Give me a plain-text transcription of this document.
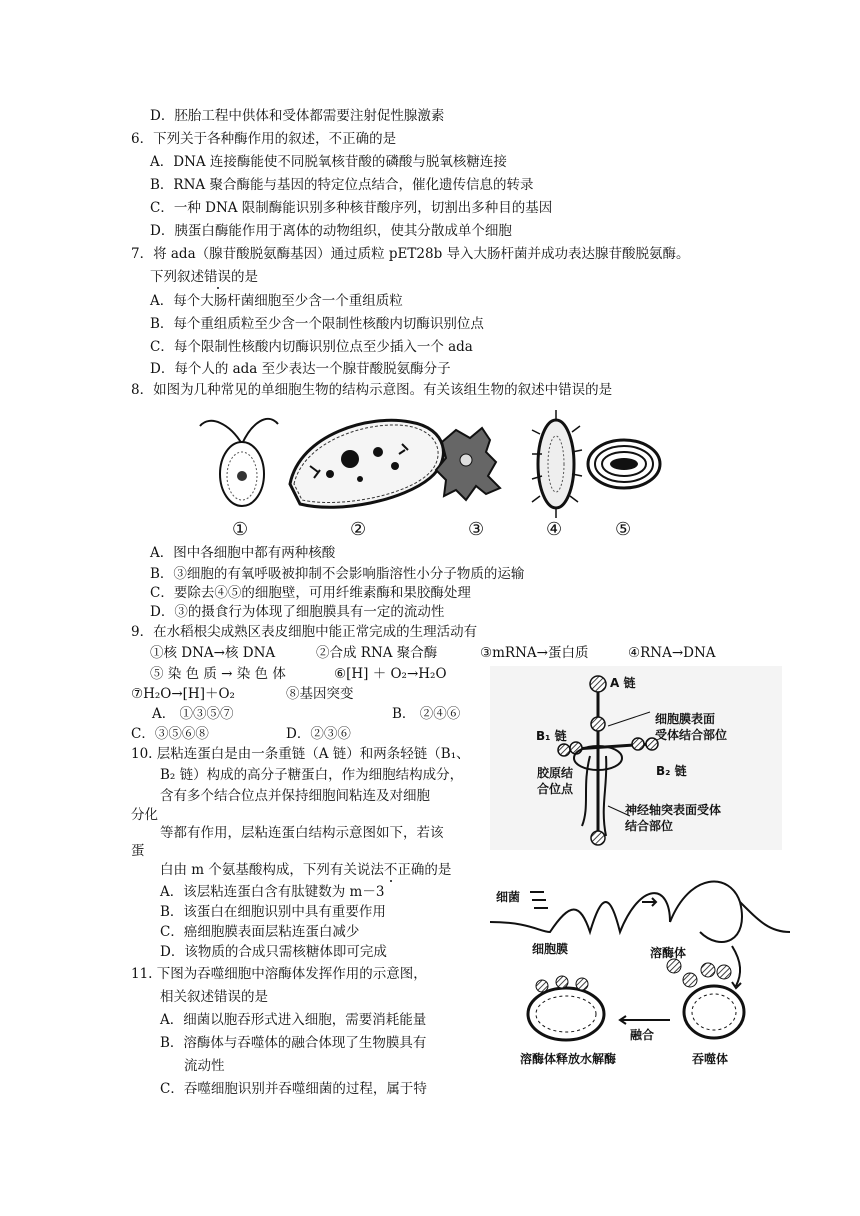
D．胚胎工程中供体和受体都需要注射促性腺激素
6．下列关于各种酶作用的叙述，不正确的是
A．DNA 连接酶能使不同脱氧核苷酸的磷酸与脱氧核糖连接
B．RNA 聚合酶能与基因的特定位点结合，催化遗传信息的转录
C．一种 DNA 限制酶能识别多种核苷酸序列，切割出多种目的基因
D．胰蛋白酶能作用于离体的动物组织，使其分散成单个细胞
7．将 ada（腺苷酸脱氨酶基因）通过质粒 pET28b 导入大肠杆菌并成功表达腺苷酸脱氨酶。
下列叙述错误的是
A．每个大肠杆菌细胞至少含一个重组质粒
B．每个重组质粒至少含一个限制性核酸内切酶识别位点
C．每个限制性核酸内切酶识别位点至少插入一个 ada
D．每个人的 ada 至少表达一个腺苷酸脱氨酶分子
8．如图为几种常见的单细胞生物的结构示意图。有关该组生物的叙述中错误的是
①	②	③	④	⑤
A．图中各细胞中都有两种核酸
B．③细胞的有氧呼吸被抑制不会影响脂溶性小分子物质的运输
C．要除去④⑤的细胞壁，可用纤维素酶和果胶酶处理
D．③的摄食行为体现了细胞膜具有一定的流动性
9．在水稻根尖成熟区表皮细胞中能正常完成的生理活动有
①核 DNA→核 DNA	②合成 RNA 聚合酶	③mRNA→蛋白质	④RNA→DNA
⑤ 染 色 质 → 染 色 体	⑥[H] ＋ O₂→H₂O
⑦H₂O→[H]＋O₂	⑧基因突变
A． ①③⑤⑦	B． ②④⑥
C．③⑤⑥⑧	D．②③⑥
10. 层粘连蛋白是由一条重链（A 链）和两条轻链（B₁、
B₂ 链）构成的高分子糖蛋白，作为细胞结构成分，
含有多个结合位点并保持细胞间粘连及对细胞
分化
等都有作用，层粘连蛋白结构示意图如下，若该
蛋
白由 m 个氨基酸构成，下列有关说法不正确的是
A．该层粘连蛋白含有肽键数为 m－3
B．该蛋白在细胞识别中具有重要作用
C．癌细胞膜表面层粘连蛋白减少
D．该物质的合成只需核糖体即可完成
11. 下图为吞噬细胞中溶酶体发挥作用的示意图，
相关叙述错误的是
A．细菌以胞吞形式进入细胞，需要消耗能量
B．溶酶体与吞噬体的融合体现了生物膜具有
流动性
C．吞噬细胞识别并吞噬细菌的过程，属于特
A 链
细胞膜表面
受体结合部位
B₁ 链
B₂ 链
胶原结
合位点
神经轴突表面受体
结合部位
细菌
细胞膜	溶酶体
融合
吞噬体
溶酶体释放水解酶
